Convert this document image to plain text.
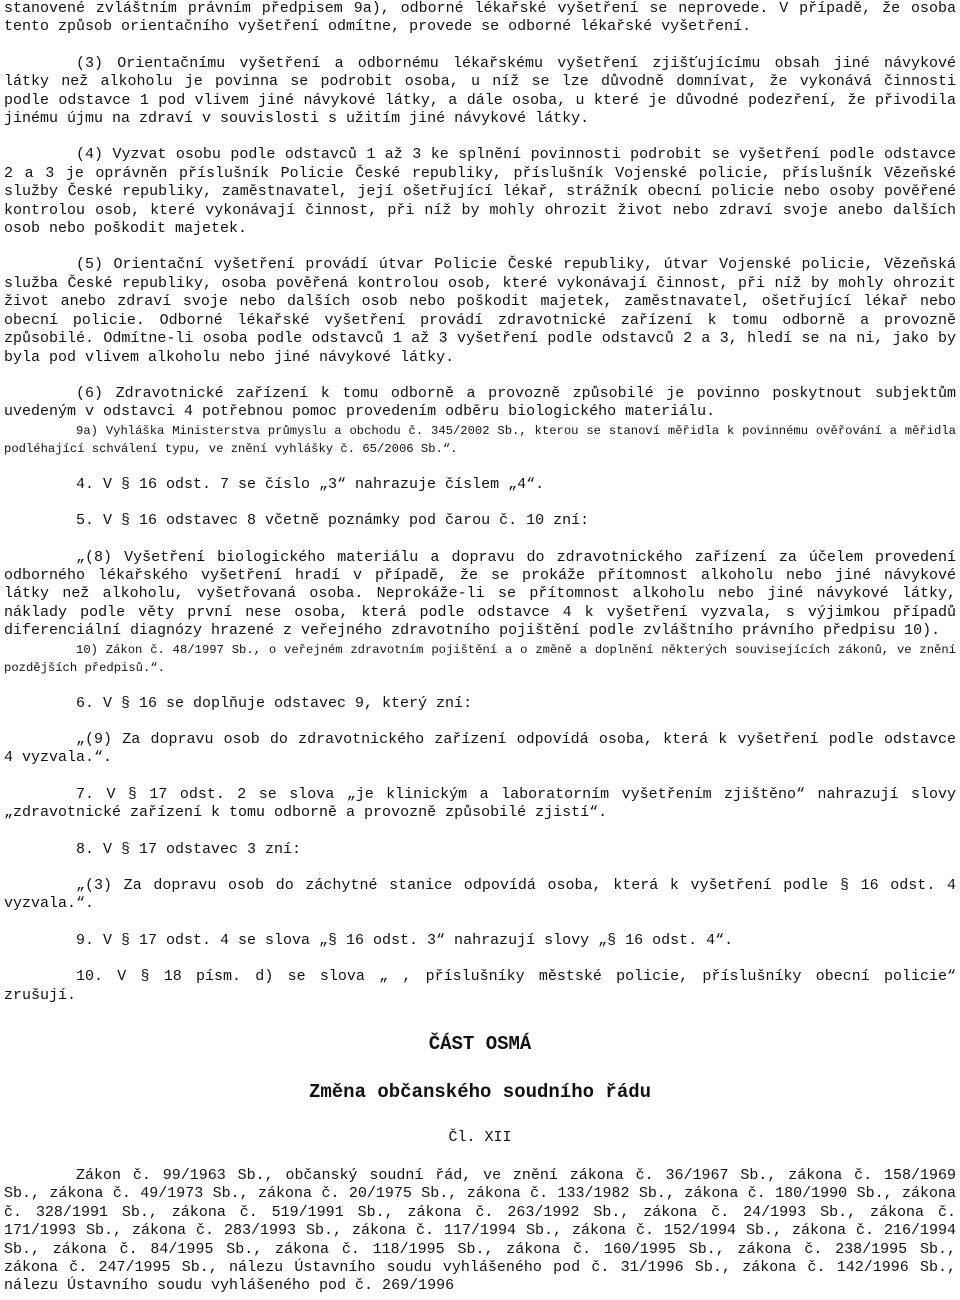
stanovené zvláštním právním předpisem 9a), odborné lékařské vyšetření se neprovede. V případě, že osoba tento způsob orientačního vyšetření odmítne, provede se odborné lékařské vyšetření.

(3) Orientačnímu vyšetření a odbornému lékařskému vyšetření zjišťujícímu obsah jiné návykové látky než alkoholu je povinna se podrobit osoba, u níž se lze důvodně domnívat, že vykonává činnosti podle odstavce 1 pod vlivem jiné návykové látky, a dále osoba, u které je důvodné podezření, že přivodila jinému újmu na zdraví v souvislosti s užitím jiné návykové látky.

(4) Vyzvat osobu podle odstavců 1 až 3 ke splnění povinnosti podrobit se vyšetření podle odstavce 2 a 3 je oprávněn příslušník Policie České republiky, příslušník Vojenské policie, příslušník Vězeňské služby České republiky, zaměstnavatel, její ošetřující lékař, strážník obecní policie nebo osoby pověřené kontrolou osob, které vykonávají činnost, při níž by mohly ohrozit život nebo zdraví svoje anebo dalších osob nebo poškodit majetek.

(5) Orientační vyšetření provádí útvar Policie České republiky, útvar Vojenské policie, Vězeňská služba České republiky, osoba pověřená kontrolou osob, které vykonávají činnost, při níž by mohly ohrozit život anebo zdraví svoje nebo dalších osob nebo poškodit majetek, zaměstnavatel, ošetřující lékař nebo obecní policie. Odborné lékařské vyšetření provádí zdravotnické zařízení k tomu odborně a provozně způsobilé. Odmítne-li osoba podle odstavců 1 až 3 vyšetření podle odstavců 2 a 3, hledí se na ni, jako by byla pod vlivem alkoholu nebo jiné návykové látky.

(6) Zdravotnické zařízení k tomu odborně a provozně způsobilé je povinno poskytnout subjektům uvedeným v odstavci 4 potřebnou pomoc provedením odběru biologického materiálu.

9a) Vyhláška Ministerstva průmyslu a obchodu č. 345/2002 Sb., kterou se stanoví měřidla k povinnému ověřování a měřidla podléhající schválení typu, ve znění vyhlášky č. 65/2006 Sb.“.

4. V § 16 odst. 7 se číslo „3“ nahrazuje číslem „4“.

5. V § 16 odstavec 8 včetně poznámky pod čarou č. 10 zní:

„(8) Vyšetření biologického materiálu a dopravu do zdravotnického zařízení za účelem provedení odborného lékařského vyšetření hradí v případě, že se prokáže přítomnost alkoholu nebo jiné návykové látky než alkoholu, vyšetřovaná osoba. Neprokáže-li se přítomnost alkoholu nebo jiné návykové látky, náklady podle věty první nese osoba, která podle odstavce 4 k vyšetření vyzvala, s výjimkou případů diferenciální diagnózy hrazené z veřejného zdravotního pojištění podle zvláštního právního předpisu 10).

10) Zákon č. 48/1997 Sb., o veřejném zdravotním pojištění a o změně a doplnění některých souvisejících zákonů, ve znění pozdějších předpisů.“.

6. V § 16 se doplňuje odstavec 9, který zní:

„(9) Za dopravu osob do zdravotnického zařízení odpovídá osoba, která k vyšetření podle odstavce 4 vyzvala.“.

7. V § 17 odst. 2 se slova „je klinickým a laboratorním vyšetřením zjištěno“ nahrazují slovy „zdravotnické zařízení k tomu odborně a provozně způsobilé zjistí“.

8. V § 17 odstavec 3 zní:

„(3) Za dopravu osob do záchytné stanice odpovídá osoba, která k vyšetření podle § 16 odst. 4 vyzvala.“.

9. V § 17 odst. 4 se slova „§ 16 odst. 3“ nahrazují slovy „§ 16 odst. 4“.

10. V § 18 písm. d) se slova „ , příslušníky městské policie, příslušníky obecní policie“ zrušují.

ČÁST OSMÁ

Změna občanského soudního řádu

Čl. XII

Zákon č. 99/1963 Sb., občanský soudní řád, ve znění zákona č. 36/1967 Sb., zákona č. 158/1969 Sb., zákona č. 49/1973 Sb., zákona č. 20/1975 Sb., zákona č. 133/1982 Sb., zákona č. 180/1990 Sb., zákona č. 328/1991 Sb., zákona č. 519/1991 Sb., zákona č. 263/1992 Sb., zákona č. 24/1993 Sb., zákona č. 171/1993 Sb., zákona č. 283/1993 Sb., zákona č. 117/1994 Sb., zákona č. 152/1994 Sb., zákona č. 216/1994 Sb., zákona č. 84/1995 Sb., zákona č. 118/1995 Sb., zákona č. 160/1995 Sb., zákona č. 238/1995 Sb., zákona č. 247/1995 Sb., nálezu Ústavního soudu vyhlášeného pod č. 31/1996 Sb., zákona č. 142/1996 Sb., nálezu Ústavního soudu vyhlášeného pod č. 269/1996
